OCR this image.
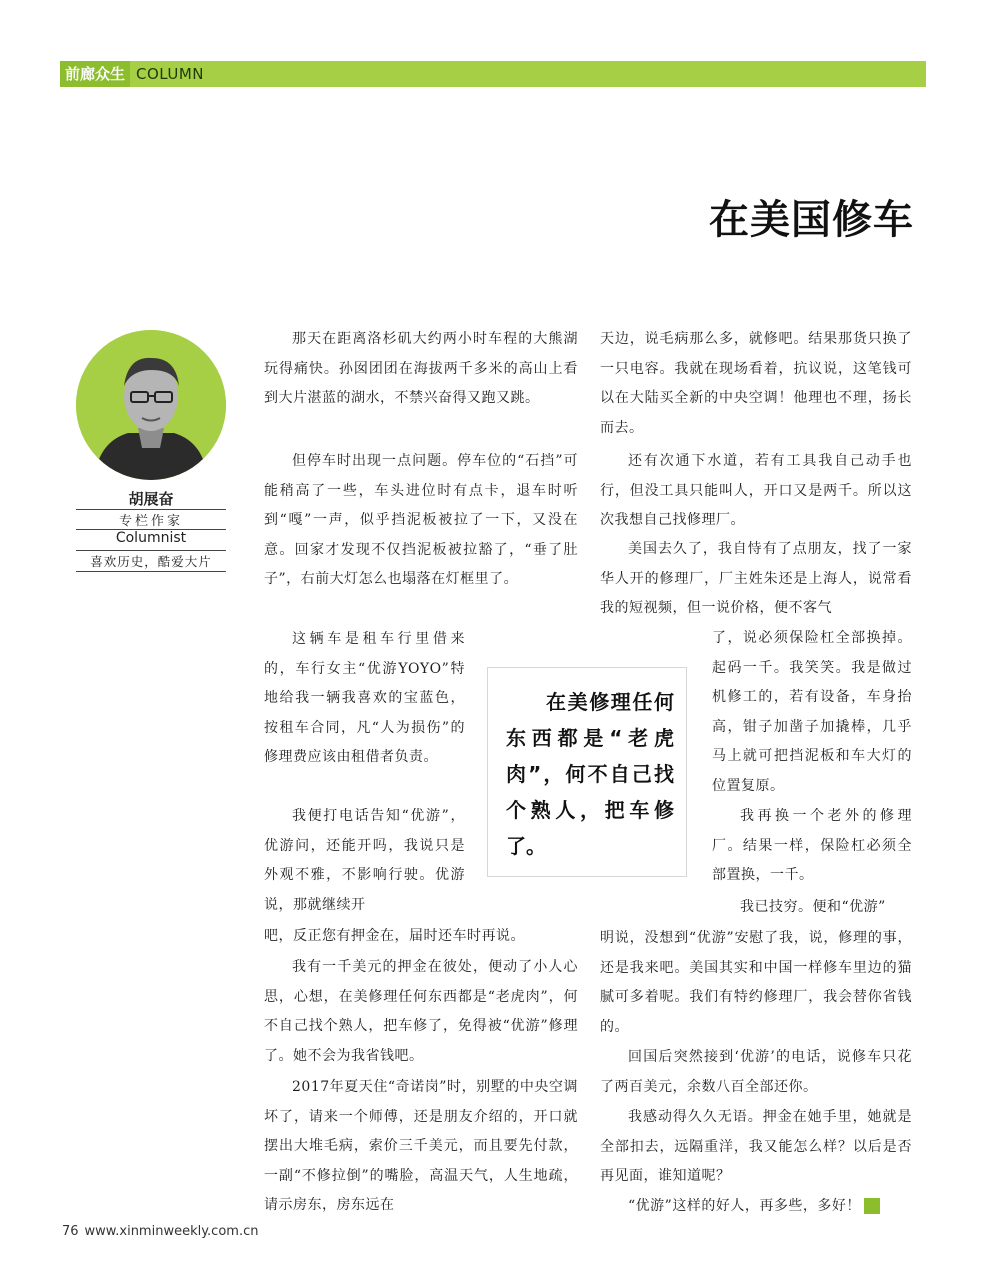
前廊众生 COLUMN
在美国修车
胡展奋
专栏作家
Columnist
喜欢历史，酷爱大片

那天在距离洛杉矶大约两小时车程的大熊湖玩得痛快。孙囡团团在海拔两千多米的高山上看到大片湛蓝的湖水，不禁兴奋得又跑又跳。

但停车时出现一点问题。停车位的“石挡”可能稍高了一些，车头进位时有点卡，退车时听到“嘎”一声，似乎挡泥板被拉了一下，又没在意。回家才发现不仅挡泥板被拉豁了，“垂了肚子”，右前大灯怎么也塌落在灯框里了。

这辆车是租车行里借来的，车行女主“优游YOYO”特地给我一辆我喜欢的宝蓝色，按租车合同，凡“人为损伤”的修理费应该由租借者负责。

我便打电话告知“优游”，优游问，还能开吗，我说只是外观不雅，不影响行驶。优游说，那就继续开

吧，反正您有押金在，届时还车时再说。

我有一千美元的押金在彼处，便动了小人心思，心想，在美修理任何东西都是“老虎肉”，何不自己找个熟人，把车修了，免得被“优游”修理了。她不会为我省钱吧。

2017年夏天住“奇诺岗”时，别墅的中央空调坏了，请来一个师傅，还是朋友介绍的，开口就摆出大堆毛病，索价三千美元，而且要先付款，一副“不修拉倒”的嘴脸，高温天气，人生地疏，请示房东，房东远在

天边，说毛病那么多，就修吧。结果那货只换了一只电容。我就在现场看着，抗议说，这笔钱可以在大陆买全新的中央空调！他理也不理，扬长而去。

还有次通下水道，若有工具我自己动手也行，但没工具只能叫人，开口又是两千。所以这次我想自己找修理厂。

美国去久了，我自恃有了点朋友，找了一家华人开的修理厂，厂主姓朱还是上海人，说常看我的短视频，但一说价格，便不客气

了，说必须保险杠全部换掉。起码一千。我笑笑。我是做过机修工的，若有设备，车身抬高，钳子加凿子加撬棒，几乎马上就可把挡泥板和车大灯的位置复原。

我再换一个老外的修理厂。结果一样，保险杠必须全部置换，一千。

我已技穷。便和“优游”

明说，没想到“优游”安慰了我，说，修理的事，还是我来吧。美国其实和中国一样修车里边的猫腻可多着呢。我们有特约修理厂，我会替你省钱的。

回国后突然接到‘优游’的电话，说修车只花了两百美元，余数八百全部还你。

我感动得久久无语。押金在她手里，她就是全部扣去，远隔重洋，我又能怎么样？以后是否再见面，谁知道呢？

“优游”这样的好人，再多些，多好！	民

在美修理任何东西都是“老虎肉”，何不自己找个熟人，把车修了。

76 www.xinminweekly.com.cn
